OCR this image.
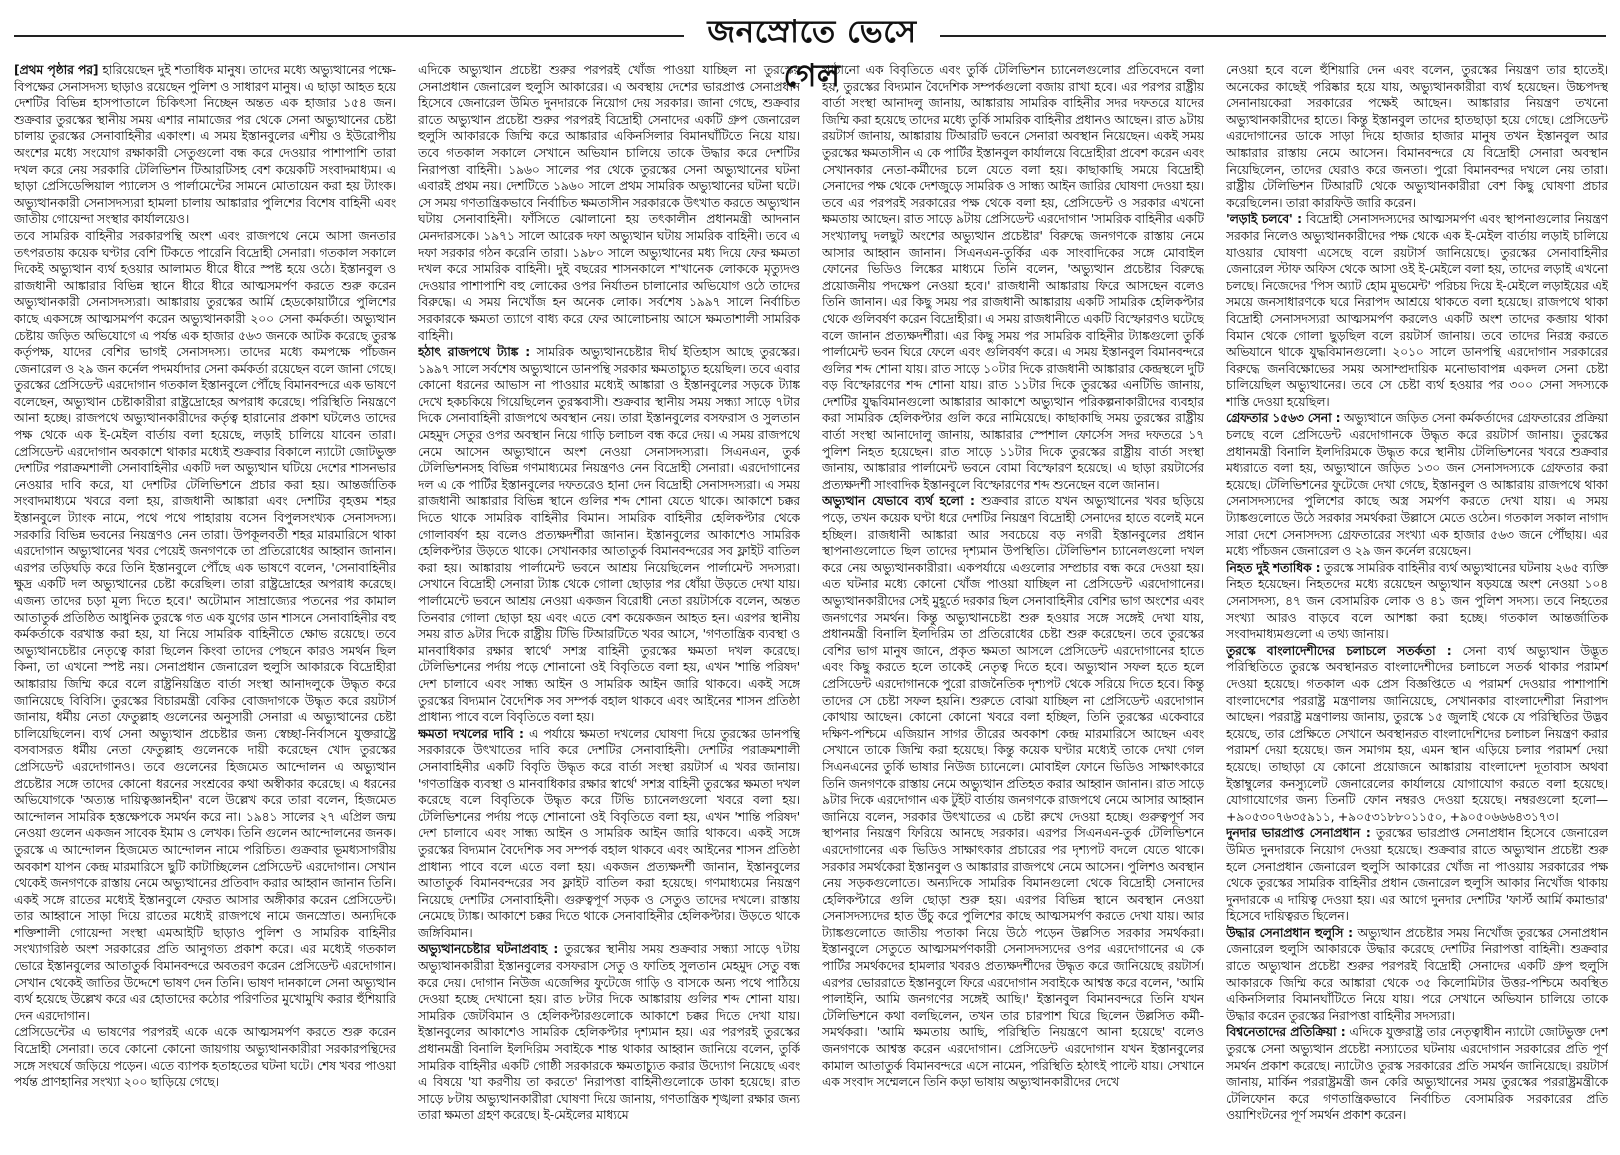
জনস্রোতে ভেসে গেল

[প্রথম পৃষ্ঠার পর] হারিয়েছেন দুই শতাধিক মানুষ। তাদের মধ্যে অভ্যুত্থানের পক্ষে-বিপক্ষের সেনাসদস্য ছাড়াও রয়েছেন পুলিশ ও সাধারণ মানুষ। এ ছাড়া আহত হয়ে দেশটির বিভিন্ন হাসপাতালে চিকিৎসা নিচ্ছেন অন্তত এক হাজার ১৫৪ জন। শুক্রবার তুরস্কের স্থানীয় সময় এশার নামাজের পর থেকে সেনা অভ্যুত্থানের চেষ্টা চালায় তুরস্কের সেনাবাহিনীর একাংশ। এ সময় ইস্তানবুলের এশীয় ও ইউরোপীয় অংশের মধ্যে সংযোগ রক্ষাকারী সেতুগুলো বন্ধ করে দেওয়ার পাশাপাশি তারা দখল করে নেয় সরকারি টেলিভিশন টিআরটিসহ বেশ কয়েকটি সংবাদমাধ্যম। এ ছাড়া প্রেসিডেন্সিয়াল প্যালেস ও পার্লামেন্টের সামনে মোতায়েন করা হয় ট্যাংক। অভ্যুত্থানকারী সেনাসদস্যরা হামলা চালায় আঙ্কারার পুলিশের বিশেষ বাহিনী এবং জাতীয় গোয়েন্দা সংস্থার কার্যালয়েও।

তবে সামরিক বাহিনীর সরকারপন্থি অংশ এবং রাজপথে নেমে আসা জনতার তৎপরতায় কয়েক ঘণ্টার বেশি টিকতে পারেনি বিদ্রোহী সেনারা। গতকাল সকালে দিকেই অভ্যুত্থান ব্যর্থ হওয়ার আলামত ধীরে ধীরে স্পষ্ট হয়ে ওঠে। ইস্তানবুল ও রাজধানী আঙ্কারার বিভিন্ন স্থানে ধীরে ধীরে আত্মসমর্পণ করতে শুরু করেন অভ্যুত্থানকারী সেনাসদস্যরা। আঙ্কারায় তুরস্কের আর্মি হেডকোয়ার্টারে পুলিশের কাছে একসঙ্গে আত্মসমর্পণ করেন অভ্যুত্থানকারী ২০০ সেনা কর্মকর্তা। অভ্যুত্থান চেষ্টায় জড়িত অভিযোগে এ পর্যন্ত এক হাজার ৫৬৩ জনকে আটক করেছে তুরস্ক কর্তৃপক্ষ, যাদের বেশির ভাগই সেনাসদস্য। তাদের মধ্যে কমপক্ষে পাঁচজন জেনারেল ও ২৯ জন কর্নেল পদমর্যাদার সেনা কর্মকর্তা রয়েছেন বলে জানা গেছে। তুরস্কের প্রেসিডেন্ট এরদোগান গতকাল ইস্তানবুলে পৌঁছে বিমানবন্দরে এক ভাষণে বলেছেন, অভ্যুত্থান চেষ্টাকারীরা রাষ্ট্রদ্রোহের অপরাধ করেছে। পরিস্থিতি নিয়ন্ত্রণে আনা হচ্ছে। রাজপথে অভ্যুত্থানকারীদের কর্তৃত্ব হারানোর প্রকাশ ঘটলেও তাদের পক্ষ থেকে এক ই-মেইল বার্তায় বলা হয়েছে, লড়াই চালিয়ে যাবেন তারা। প্রেসিডেন্ট এরদোগান অবকাশে থাকার মধ্যেই শুক্রবার বিকালে ন্যাটো জোটভুক্ত দেশটির পরাক্রমশালী সেনাবাহিনীর একটি দল অভ্যুত্থান ঘটিয়ে দেশের শাসনভার নেওয়ার দাবি করে, যা দেশটির টেলিভিশনে প্রচার করা হয়। আন্তর্জাতিক সংবাদমাধ্যমে খবরে বলা হয়, রাজধানী আঙ্কারা এবং দেশটির বৃহত্তম শহর ইস্তানবুলে ট্যাংক নামে, পথে পথে পাহারায় বসেন বিপুলসংখ্যক সেনাসদস্য। সরকারি বিভিন্ন ভবনের নিয়ন্ত্রণও নেন তারা। উপকূলবর্তী শহর মারমারিসে থাকা এরদোগান অভ্যুত্থানের খবর পেয়েই জনগণকে তা প্রতিরোধের আহ্বান জানান। এরপর তড়িঘড়ি করে তিনি ইস্তানবুলে পৌঁছে এক ভাষণে বলেন, 'সেনাবাহিনীর ক্ষুদ্র একটি দল অভ্যুত্থানের চেষ্টা করেছিল। তারা রাষ্ট্রদ্রোহের অপরাধ করেছে। এজন্য তাদের চড়া মূল্য দিতে হবে।' অটোমান সাম্রাজ্যের পতনের পর কামাল আতাতুর্ক প্রতিষ্ঠিত আধুনিক তুরস্কে গত এক যুগের ডান শাসনে সেনাবাহিনীর বহু কর্মকর্তাকে বরখাস্ত করা হয়, যা নিয়ে সামরিক বাহিনীতে ক্ষোভ রয়েছে। তবে অভ্যুত্থানচেষ্টার নেতৃত্বে কারা ছিলেন কিংবা তাদের পেছনে কারও সমর্থন ছিল কিনা, তা এখনো স্পষ্ট নয়। সেনাপ্রধান জেনারেল হুলুসি আকারকে বিদ্রোহীরা আঙ্কারায় জিম্মি করে বলে রাষ্ট্রনিয়ন্ত্রিত বার্তা সংস্থা আনাদলুকে উদ্ধৃত করে জানিয়েছে বিবিসি। তুরস্কের বিচারমন্ত্রী বেকির বোজদাগকে উদ্ধৃত করে রয়টার্স জানায়, ধর্মীয় নেতা ফেতুল্লাহ গুলেনের অনুসারী সেনারা এ অভ্যুত্থানের চেষ্টা চালিয়েছিলেন। ব্যর্থ সেনা অভ্যুত্থান প্রচেষ্টার জন্য স্বেচ্ছা-নির্বাসনে যুক্তরাষ্ট্রে বসবাসরত ধর্মীয় নেতা ফেতুল্লাহ গুলেনকে দায়ী করেছেন খোদ তুরস্কের প্রেসিডেন্ট এরদোগানও। তবে গুলেনের হিজমেত আন্দোলন এ অভ্যুত্থান প্রচেষ্টার সঙ্গে তাদের কোনো ধরনের সংশ্রবের কথা অস্বীকার করেছে। এ ধরনের অভিযোগকে 'অত্যন্ত দায়িত্বজ্ঞানহীন' বলে উল্লেখ করে তারা বলেন, হিজমেত আন্দোলন সামরিক হস্তক্ষেপকে সমর্থন করে না। ১৯৪১ সালের ২৭ এপ্রিল জন্ম নেওয়া গুলেন একজন সাবেক ইমাম ও লেখক। তিনি গুলেন আন্দোলনের জনক। তুরস্কে এ আন্দোলন হিজমেত আন্দোলন নামে পরিচিত। গুক্রবার ভূমধ্যসাগরীয় অবকাশ যাপন কেন্দ্র মারমারিসে ছুটি কাটাচ্ছিলেন প্রেসিডেন্ট এরদোগান। সেখান থেকেই জনগণকে রাস্তায় নেমে অভ্যুত্থানের প্রতিবাদ করার আহ্বান জানান তিনি। একই সঙ্গে রাতের মধ্যেই ইস্তানবুলে ফেরত আসার অঙ্গীকার করেন প্রেসিডেন্ট। তার আহ্বানে সাড়া দিয়ে রাতের মধ্যেই রাজপথে নামে জনস্রোত। অন্যদিকে শক্তিশালী গোয়েন্দা সংস্থা এমআইটি ছাড়াও পুলিশ ও সামরিক বাহিনীর সংখ্যাগরিষ্ঠ অংশ সরকারের প্রতি আনুগত্য প্রকাশ করে। এর মধ্যেই গতকাল ভোরে ইস্তানবুলের আতাতুর্ক বিমানবন্দরে অবতরণ করেন প্রেসিডেন্ট এরদোগান। সেখান থেকেই জাতির উদ্দেশে ভাষণ দেন তিনি। ভাষণ দানকালে সেনা অভ্যুত্থান ব্যর্থ হয়েছে উল্লেখ করে এর হোতাদের কঠোর পরিণতির মুখোমুখি করার হুঁশিয়ারি দেন এরদোগান।

প্রেসিডেন্টের এ ভাষণের পরপরই একে একে আত্মসমর্পণ করতে শুরু করেন বিদ্রোহী সেনারা। তবে কোনো কোনো জায়গায় অভ্যুত্থানকারীরা সরকারপন্থিদের সঙ্গে সংঘর্ষে জড়িয়ে পড়েন। এতে ব্যাপক হতাহতের ঘটনা ঘটে। শেষ খবর পাওয়া পর্যন্ত প্রাণহানির সংখ্যা ২০০ ছাড়িয়ে গেছে।

এদিকে অভ্যুত্থান প্রচেষ্টা শুরুর পরপরই খোঁজ পাওয়া যাচ্ছিল না তুরস্কের সেনাপ্রধান জেনারেল হুলুসি আকারের। এ অবস্থায় দেশের ভারপ্রাপ্ত সেনাপ্রধান হিসেবে জেনারেল উমিত দুনদারকে নিয়োগ দেয় সরকার। জানা গেছে, শুক্রবার রাতে অভ্যুত্থান প্রচেষ্টা শুরুর পরপরই বিদ্রোহী সেনাদের একটি গ্রুপ জেনারেল হুলুসি আকারকে জিম্মি করে আঙ্কারার একিনসিলার বিমানঘাঁটিতে নিয়ে যায়। তবে গতকাল সকালে সেখানে অভিযান চালিয়ে তাকে উদ্ধার করে দেশটির নিরাপত্তা বাহিনী। ১৯৬০ সালের পর থেকে তুরস্কের সেনা অভ্যুত্থানের ঘটনা এবারই প্রথম নয়। দেশটিতে ১৯৬০ সালে প্রথম সামরিক অভ্যুত্থানের ঘটনা ঘটে। সে সময় গণতান্ত্রিকভাবে নির্বাচিত ক্ষমতাসীন সরকারকে উৎখাত করতে অভ্যুত্থান ঘটায় সেনাবাহিনী। ফাঁসিতে ঝোলানো হয় তৎকালীন প্রধানমন্ত্রী আদনান মেনদারসকে। ১৯৭১ সালে আরেক দফা অভ্যুত্থান ঘটায় সামরিক বাহিনী। তবে এ দফা সরকার গঠন করেনি তারা। ১৯৮০ সালে অভ্যুত্থানের মধ্য দিয়ে ফের ক্ষমতা দখল করে সামরিক বাহিনী। দুই বছরের শাসনকালে শ'খানেক লোককে মৃত্যুদণ্ড দেওয়ার পাশাপাশি বহু লোকের ওপর নির্যাতন চালানোর অভিযোগ ওঠে তাদের বিরুদ্ধে। এ সময় নিখোঁজ হন অনেক লোক। সর্বশেষ ১৯৯৭ সালে নির্বাচিত সরকারকে ক্ষমতা ত্যাগে বাধ্য করে ফের আলোচনায় আসে ক্ষমতাশালী সামরিক বাহিনী।

হঠাৎ রাজপথে ট্যাঙ্ক : সামরিক অভ্যুত্থানচেষ্টার দীর্ঘ ইতিহাস আছে তুরস্কের। ১৯৯৭ সালে সর্বশেষ অভ্যুত্থানে ডানপন্থি সরকার ক্ষমতাচ্যুত হয়েছিল। তবে এবার কোনো ধরনের আভাস না পাওয়ার মধ্যেই আঙ্কারা ও ইস্তানবুলের সড়কে ট্যাঙ্ক দেখে হকচকিয়ে গিয়েছিলেন তুরস্কবাসী। শুক্রবার স্থানীয় সময় সন্ধ্যা সাড়ে ৭টার দিকে সেনাবাহিনী রাজপথে অবস্থান নেয়। তারা ইস্তানবুলের বসফরাস ও সুলতান মেহমুদ সেতুর ওপর অবস্থান নিয়ে গাড়ি চলাচল বন্ধ করে দেয়। এ সময় রাজপথে নেমে আসেন অভ্যুত্থানে অংশ নেওয়া সেনাসদস্যরা। সিএনএন, তুর্ক টেলিভিশনসহ বিভিন্ন গণমাধ্যমের নিয়ন্ত্রণও নেন বিদ্রোহী সেনারা। এরদোগানের দল এ কে পার্টির ইস্তানবুলের দফতরেও হানা দেন বিদ্রোহী সেনাসদস্যরা। এ সময় রাজধানী আঙ্কারার বিভিন্ন স্থানে গুলির শব্দ শোনা যেতে থাকে। আকাশে চক্কর দিতে থাকে সামরিক বাহিনীর বিমান। সামরিক বাহিনীর হেলিকপ্টার থেকে গোলাবর্ষণ হয় বলেও প্রত্যক্ষদর্শীরা জানান। ইস্তানবুলের আকাশেও সামরিক হেলিকপ্টার উড়তে থাকে। সেখানকার আতাতুর্ক বিমানবন্দরের সব ফ্লাইট বাতিল করা হয়। আঙ্কারায় পার্লামেন্ট ভবনে আশ্রয় নিয়েছিলেন পার্লামেন্ট সদস্যরা। সেখানে বিদ্রোহী সেনারা ট্যাঙ্ক থেকে গোলা ছোড়ার পর ধোঁয়া উড়তে দেখা যায়। পার্লামেন্টে ভবনে আশ্রয় নেওয়া একজন বিরোধী নেতা রয়টার্সকে বলেন, অন্তত তিনবার গোলা ছোড়া হয় এবং এতে বেশ কয়েকজন আহত হন। এরপর স্থানীয় সময় রাত ৯টার দিকে রাষ্ট্রীয় টিভি টিআরটিতে খবর আসে, 'গণতান্ত্রিক ব্যবস্থা ও মানবাধিকার রক্ষার স্বার্থে' সশস্ত্র বাহিনী তুরস্কের ক্ষমতা দখল করেছে। টেলিভিশনের পর্দায় পড়ে শোনানো ওই বিবৃতিতে বলা হয়, এখন 'শান্তি পরিষদ' দেশ চালাবে এবং সান্ধ্য আইন ও সামরিক আইন জারি থাকবে। একই সঙ্গে তুরস্কের বিদ্যমান বৈদেশিক সব সম্পর্ক বহাল থাকবে এবং আইনের শাসন প্রতিষ্ঠা প্রাধান্য পাবে বলে বিবৃতিতে বলা হয়।

ক্ষমতা দখলের দাবি : এ পর্যায়ে ক্ষমতা দখলের ঘোষণা দিয়ে তুরস্কের ডানপন্থি সরকারকে উৎখাতের দাবি করে দেশটির সেনাবাহিনী। দেশটির পরাক্রমশালী সেনাবাহিনীর একটি বিবৃতি উদ্ধৃত করে বার্তা সংস্থা রয়টার্স এ খবর জানায়। 'গণতান্ত্রিক ব্যবস্থা ও মানবাধিকার রক্ষার স্বার্থে' সশস্ত্র বাহিনী তুরস্কের ক্ষমতা দখল করেছে বলে বিবৃতিকে উদ্ধৃত করে টিভি চ্যানেলগুলো খবরে বলা হয়। টেলিভিশনের পর্দায় পড়ে শোনানো ওই বিবৃতিতে বলা হয়, এখন 'শান্তি পরিষদ' দেশ চালাবে এবং সান্ধ্য আইন ও সামরিক আইন জারি থাকবে। একই সঙ্গে তুরস্কের বিদ্যমান বৈদেশিক সব সম্পর্ক বহাল থাকবে এবং আইনের শাসন প্রতিষ্ঠা প্রাধান্য পাবে বলে এতে বলা হয়। একজন প্রত্যক্ষদর্শী জানান, ইস্তানবুলের আতাতুর্ক বিমানবন্দরের সব ফ্লাইট বাতিল করা হয়েছে। গণমাধ্যমের নিয়ন্ত্রণ নিয়েছে দেশটির সেনাবাহিনী। গুরুত্বপূর্ণ সড়ক ও সেতুও তাদের দখলে। রাস্তায় নেমেছে ট্যাঙ্ক। আকাশে চক্কর দিতে থাকে সেনাবাহিনীর হেলিকপ্টার। উড়তে থাকে জঙ্গিবিমান।

অভ্যুত্থানচেষ্টার ঘটনাপ্রবাহ : তুরস্কের স্থানীয় সময় শুক্রবার সন্ধ্যা সাড়ে ৭টায় অভ্যুত্থানকারীরা ইস্তানবুলের বসফরাস সেতু ও ফাতিহ সুলতান মেহমুদ সেতু বন্ধ করে দেয়। দোগান নিউজ এজেন্সির ফুটেজে গাড়ি ও বাসকে অন্য পথে পাঠিয়ে দেওয়া হচ্ছে দেখানো হয়। রাত ৮টার দিকে আঙ্কারায় গুলির শব্দ শোনা যায়। সামরিক জেটবিমান ও হেলিকপ্টারগুলোকে আকাশে চক্কর দিতে দেখা যায়। ইস্তানবুলের আকাশেও সামরিক হেলিকপ্টার দৃশ্যমান হয়। এর পরপরই তুরস্কের প্রধানমন্ত্রী বিনালি ইলদিরিম সবাইকে শান্ত থাকার আহ্বান জানিয়ে বলেন, তুর্কি সামরিক বাহিনীর একটি গোষ্ঠী সরকারকে ক্ষমতাচ্যুত করার উদ্যোগ নিয়েছে এবং এ বিষয়ে 'যা করণীয় তা করতে' নিরাপত্তা বাহিনীগুলোকে ডাকা হয়েছে। রাত সাড়ে ৮টায় অভ্যুত্থানকারীরা ঘোষণা দিয়ে জানায়, গণতান্ত্রিক শৃঙ্খলা রক্ষার জন্য তারা ক্ষমতা গ্রহণ করেছে। ই-মেইলের মাধ্যমে

পাঠানো এক বিবৃতিতে এবং তুর্কি টেলিভিশন চ্যানেলগুলোর প্রতিবেদনে বলা হয়, তুরস্কের বিদ্যমান বৈদেশিক সম্পর্কগুলো বজায় রাখা হবে। এর পরপর রাষ্ট্রীয় বার্তা সংস্থা আনাদলু জানায়, আঙ্কারায় সামরিক বাহিনীর সদর দফতরে যাদের জিম্মি করা হয়েছে তাদের মধ্যে তুর্কি সামরিক বাহিনীর প্রধানও আছেন। রাত ৯টায় রয়টার্স জানায়, আঙ্কারায় টিআরটি ভবনে সেনারা অবস্থান নিয়েছেন। একই সময় তুরস্কের ক্ষমতাসীন এ কে পার্টির ইস্তানবুল কার্যালয়ে বিদ্রোহীরা প্রবেশ করেন এবং সেখানকার নেতা-কর্মীদের চলে যেতে বলা হয়। কাছাকাছি সময়ে বিদ্রোহী সেনাদের পক্ষ থেকে দেশজুড়ে সামরিক ও সান্ধ্য আইন জারির ঘোষণা দেওয়া হয়। তবে এর পরপরই সরকারের পক্ষ থেকে বলা হয়, প্রেসিডেন্ট ও সরকার এখনো ক্ষমতায় আছেন। রাত সাড়ে ৯টায় প্রেসিডেন্ট এরদোগান 'সামরিক বাহিনীর একটি সংখ্যালঘু দলছুট অংশের অভ্যুত্থান প্রচেষ্টার' বিরুদ্ধে জনগণকে রাস্তায় নেমে আসার আহ্বান জানান। সিএনএন-তুর্কির এক সাংবাদিকের সঙ্গে মোবাইল ফোনের ভিডিও লিঙ্কের মাধ্যমে তিনি বলেন, 'অভ্যুত্থান প্রচেষ্টার বিরুদ্ধে প্রয়োজনীয় পদক্ষেপ নেওয়া হবে।' রাজধানী আঙ্কারায় ফিরে আসছেন বলেও তিনি জানান। এর কিছু সময় পর রাজধানী আঙ্কারায় একটি সামরিক হেলিকপ্টার থেকে গুলিবর্ষণ করেন বিদ্রোহীরা। এ সময় রাজধানীতে একটি বিস্ফোরণও ঘটেছে বলে জানান প্রত্যক্ষদর্শীরা। এর কিছু সময় পর সামরিক বাহিনীর ট্যাঙ্কগুলো তুর্কি পার্লামেন্ট ভবন ঘিরে ফেলে এবং গুলিবর্ষণ করে। এ সময় ইস্তানবুল বিমানবন্দরে গুলির শব্দ শোনা যায়। রাত সাড়ে ১০টার দিকে রাজধানী আঙ্কারার কেন্দ্রস্থলে দুটি বড় বিস্ফোরণের শব্দ শোনা যায়। রাত ১১টার দিকে তুরস্কের এনটিভি জানায়, দেশটির যুদ্ধবিমানগুলো আঙ্কারার আকাশে অভ্যুত্থান পরিকল্পনাকারীদের ব্যবহার করা সামরিক হেলিকপ্টার গুলি করে নামিয়েছে। কাছাকাছি সময় তুরস্কের রাষ্ট্রীয় বার্তা সংস্থা আনাদোলু জানায়, আঙ্কারার স্পেশাল ফোর্সেস সদর দফতরে ১৭ পুলিশ নিহত হয়েছেন। রাত সাড়ে ১১টার দিকে তুরস্কের রাষ্ট্রীয় বার্তা সংস্থা জানায়, আঙ্কারার পার্লামেন্ট ভবনে বোমা বিস্ফোরণ হয়েছে। এ ছাড়া রয়টার্সের প্রত্যক্ষদর্শী সাংবাদিক ইস্তানবুলে বিস্ফোরণের শব্দ শুনেছেন বলে জানান।

অভ্যুত্থান যেভাবে ব্যর্থ হলো : শুক্রবার রাতে যখন অভ্যুত্থানের খবর ছড়িয়ে পড়ে, তখন কয়েক ঘণ্টা ধরে দেশটির নিয়ন্ত্রণ বিদ্রোহী সেনাদের হাতে বলেই মনে হচ্ছিল। রাজধানী আঙ্কারা আর সবচেয়ে বড় নগরী ইস্তানবুলের প্রধান স্থাপনাগুলোতে ছিল তাদের দৃশ্যমান উপস্থিতি। টেলিভিশন চ্যানেলগুলো দখল করে নেয় অভ্যুত্থানকারীরা। একপর্যায়ে এগুলোর সম্প্রচার বন্ধ করে দেওয়া হয়। এত ঘটনার মধ্যে কোনো খোঁজ পাওয়া যাচ্ছিল না প্রেসিডেন্ট এরদোগানের। অভ্যুত্থানকারীদের সেই মুহূর্তে দরকার ছিল সেনাবাহিনীর বেশির ভাগ অংশের এবং জনগণের সমর্থন। কিন্তু অভ্যুত্থানচেষ্টা শুরু হওয়ার সঙ্গে সঙ্গেই দেখা যায়, প্রধানমন্ত্রী বিনালি ইলদিরিম তা প্রতিরোধের চেষ্টা শুরু করেছেন। তবে তুরস্কের বেশির ভাগ মানুষ জানে, প্রকৃত ক্ষমতা আসলে প্রেসিডেন্ট এরদোগানের হাতে এবং কিছু করতে হলে তাকেই নেতৃত্ব দিতে হবে। অভ্যুত্থান সফল হতে হলে প্রেসিডেন্ট এরদোগানকে পুরো রাজনৈতিক দৃশ্যপট থেকে সরিয়ে দিতে হবে। কিন্তু তাদের সে চেষ্টা সফল হয়নি। শুরুতে বোঝা যাচ্ছিল না প্রেসিডেন্ট এরদোগান কোথায় আছেন। কোনো কোনো খবরে বলা হচ্ছিল, তিনি তুরস্কের একেবারে দক্ষিণ-পশ্চিমে এজিয়ান সাগর তীরের অবকাশ কেন্দ্র মারমারিসে আছেন এবং সেখানে তাকে জিম্মি করা হয়েছে। কিন্তু কয়েক ঘণ্টার মধ্যেই তাকে দেখা গেল সিএনএনের তুর্কি ভাষার নিউজ চ্যানেলে। মোবাইল ফোনে ভিডিও সাক্ষাৎকারে তিনি জনগণকে রাস্তায় নেমে অভ্যুত্থান প্রতিহত করার আহ্বান জানান। রাত সাড়ে ৯টার দিকে এরদোগান এক টুইট বার্তায় জনগণকে রাজপথে নেমে আসার আহ্বান জানিয়ে বলেন, সরকার উৎখাতের এ চেষ্টা রুখে দেওয়া হচ্ছে। গুরুত্বপূর্ণ সব স্থাপনার নিয়ন্ত্রণ ফিরিয়ে আনছে সরকার। এরপর সিএনএন-তুর্ক টেলিভিশনে এরদোগানের এক ভিডিও সাক্ষাৎকার প্রচারের পর দৃশ্যপট বদলে যেতে থাকে। সরকার সমর্থকেরা ইস্তানবুল ও আঙ্কারার রাজপথে নেমে আসেন। পুলিশও অবস্থান নেয় সড়কগুলোতে। অন্যদিকে সামরিক বিমানগুলো থেকে বিদ্রোহী সেনাদের হেলিকপ্টারে গুলি ছোড়া শুরু হয়। এরপর বিভিন্ন স্থানে অবস্থান নেওয়া সেনাসদস্যদের হাত উঁচু করে পুলিশের কাছে আত্মসমর্পণ করতে দেখা যায়। আর ট্যাঙ্কগুলোতে জাতীয় পতাকা নিয়ে উঠে পড়েন উল্লসিত সরকার সমর্থকরা। ইস্তানবুলে সেতুতে আত্মসমর্পণকারী সেনাসদস্যদের ওপর এরদোগানের এ কে পার্টির সমর্থকদের হামলার খবরও প্রত্যক্ষদর্শীদের উদ্ধৃত করে জানিয়েছে রয়টার্স। এরপর ভোররাতে ইস্তানবুলে ফিরে এরদোগান সবাইকে আশ্বস্ত করে বলেন, 'আমি পালাইনি, আমি জনগণের সঙ্গেই আছি।' ইস্তানবুল বিমানবন্দরে তিনি যখন টেলিভিশনে কথা বলছিলেন, তখন তার চারপাশ ঘিরে ছিলেন উল্লসিত কর্মী-সমর্থকরা। 'আমি ক্ষমতায় আছি, পরিস্থিতি নিয়ন্ত্রণে আনা হয়েছে' বলেও জনগণকে আশ্বস্ত করেন এরদোগান। প্রেসিডেন্ট এরদোগান যখন ইস্তানবুলের কামাল আতাতুর্ক বিমানবন্দরে এসে নামেন, পরিস্থিতি হঠাৎই পাল্টে যায়। সেখানে এক সংবাদ সম্মেলনে তিনি কড়া ভাষায় অভ্যুত্থানকারীদের দেখে

নেওয়া হবে বলে হুঁশিয়ারি দেন এবং বলেন, তুরস্কের নিয়ন্ত্রণ তার হাতেই। অনেকের কাছেই পরিষ্কার হয়ে যায়, অভ্যুত্থানকারীরা ব্যর্থ হয়েছেন। উচ্চপদস্থ সেনানায়কেরা সরকারের পক্ষেই আছেন। আঙ্কারার নিয়ন্ত্রণ তখনো অভ্যুত্থানকারীদের হাতে। কিন্তু ইস্তানবুল তাদের হাতছাড়া হয়ে গেছে। প্রেসিডেন্ট এরদোগানের ডাকে সাড়া দিয়ে হাজার হাজার মানুষ তখন ইস্তানবুল আর আঙ্কারার রাস্তায় নেমে আসেন। বিমানবন্দরে যে বিদ্রোহী সেনারা অবস্থান নিয়েছিলেন, তাদের ঘেরাও করে জনতা। পুরো বিমানবন্দর দখলে নেয় তারা। রাষ্ট্রীয় টেলিভিশন টিআরটি থেকে অভ্যুত্থানকারীরা বেশ কিছু ঘোষণা প্রচার করেছিলেন। তারা কারফিউ জারি করেন।

'লড়াই চলবে' : বিদ্রোহী সেনাসদস্যদের আত্মসমর্পণ এবং স্থাপনাগুলোর নিয়ন্ত্রণ সরকার নিলেও অভ্যুত্থানকারীদের পক্ষ থেকে এক ই-মেইল বার্তায় লড়াই চালিয়ে যাওয়ার ঘোষণা এসেছে বলে রয়টার্স জানিয়েছে। তুরস্কের সেনাবাহিনীর জেনারেল স্টাফ অফিস থেকে আসা ওই ই-মেইলে বলা হয়, তাদের লড়াই এখনো চলছে। নিজেদের 'পিস অ্যাট হোম মুভমেন্ট' পরিচয় দিয়ে ই-মেইলে লড়াইয়ের এই সময়ে জনসাধারণকে ঘরে নিরাপদ আশ্রয়ে থাকতে বলা হয়েছে। রাজপথে থাকা বিদ্রোহী সেনাসদস্যরা আত্মসমর্পণ করলেও একটি অংশ তাদের কব্জায় থাকা বিমান থেকে গোলা ছুড়ছিল বলে রয়টার্স জানায়। তবে তাদের নিরস্ত্র করতে অভিযানে থাকে যুদ্ধবিমানগুলো। ২০১০ সালে ডানপন্থি এরদোগান সরকারের বিরুদ্ধে জনবিক্ষোভের সময় অসাম্প্রদায়িক মনোভাবাপন্ন একদল সেনা চেষ্টা চালিয়েছিল অভ্যুত্থানের। তবে সে চেষ্টা ব্যর্থ হওয়ার পর ৩০০ সেনা সদস্যকে শাস্তি দেওয়া হয়েছিল।

গ্রেফতার ১৫৬৩ সেনা : অভ্যুত্থানে জড়িত সেনা কর্মকর্তাদের গ্রেফতারের প্রক্রিয়া চলছে বলে প্রেসিডেন্ট এরদোগানকে উদ্ধৃত করে রয়টার্স জানায়। তুরস্কের প্রধানমন্ত্রী বিনালি ইলদিরিমকে উদ্ধৃত করে স্থানীয় টেলিভিশনের খবরে শুক্রবার মধ্যরাতে বলা হয়, অভ্যুত্থানে জড়িত ১৩০ জন সেনাসদস্যকে গ্রেফতার করা হয়েছে। টেলিভিশনের ফুটেজে দেখা গেছে, ইস্তানবুল ও আঙ্কারায় রাজপথে থাকা সেনাসদস্যদের পুলিশের কাছে অস্ত্র সমর্পণ করতে দেখা যায়। এ সময় ট্যাঙ্কগুলোতে উঠে সরকার সমর্থকরা উল্লাসে মেতে ওঠেন। গতকাল সকাল নাগাদ সারা দেশে সেনাসদস্য গ্রেফতারের সংখ্যা এক হাজার ৫৬৩ জনে পৌঁছায়। এর মধ্যে পাঁচজন জেনারেল ও ২৯ জন কর্নেল রয়েছেন।

নিহত দুই শতাধিক : তুরস্কে সামরিক বাহিনীর ব্যর্থ অভ্যুত্থানের ঘটনায় ২৬৫ ব্যক্তি নিহত হয়েছেন। নিহতদের মধ্যে রয়েছেন অভ্যুত্থান ষড়যন্ত্রে অংশ নেওয়া ১০৪ সেনাসদস্য, ৪৭ জন বেসামরিক লোক ও ৪১ জন পুলিশ সদস্য। তবে নিহতের সংখ্যা আরও বাড়বে বলে আশঙ্কা করা হচ্ছে। গতকাল আন্তর্জাতিক সংবাদমাধ্যমগুলো এ তথ্য জানায়।

তুরস্কে বাংলাদেশীদের চলাচলে সতর্কতা : সেনা ব্যর্থ অভ্যুত্থান উদ্ভূত পরিস্থিতিতে তুরস্কে অবস্থানরত বাংলাদেশীদের চলাচলে সতর্ক থাকার পরামর্শ দেওয়া হয়েছে। গতকাল এক প্রেস বিজ্ঞপ্তিতে এ পরামর্শ দেওয়ার পাশাপাশি বাংলাদেশের পররাষ্ট্র মন্ত্রণালয় জানিয়েছে, সেখানকার বাংলাদেশীরা নিরাপদ আছেন। পররাষ্ট্র মন্ত্রণালয় জানায়, তুরস্কে ১৫ জুলাই থেকে যে পরিস্থিতির উদ্ভব হয়েছে, তার প্রেক্ষিতে সেখানে অবস্থানরত বাংলাদেশিদের চলাচল নিয়ন্ত্রণ করার পরামর্শ দেয়া হয়েছে। জন সমাগম হয়, এমন স্থান এড়িয়ে চলার পরামর্শ দেয়া হয়েছে। তাছাড়া যে কোনো প্রয়োজনে আঙ্কারায় বাংলাদেশ দূতাবাস অথবা ইস্তাম্বুলের কনস্যুলেট জেনারেলের কার্যালয়ে যোগাযোগ করতে বলা হয়েছে। যোগাযোগের জন্য তিনটি ফোন নম্বরও দেওয়া হয়েছে। নম্বরগুলো হলো— +৯০৫৩০৭৬৩৫৯১১, +৯০৫৩১৮৮০১১৫০, +৯০৫০৬৬৬৪৩১৭৩।

দুনদার ভারপ্রাপ্ত সেনাপ্রধান : তুরস্কের ভারপ্রাপ্ত সেনাপ্রধান হিসেবে জেনারেল উমিত দুনদারকে নিয়োগ দেওয়া হয়েছে। শুক্রবার রাতে অভ্যুত্থান প্রচেষ্টা শুরু হলে সেনাপ্রধান জেনারেল হুলুসি আকারের খোঁজ না পাওয়ায় সরকারের পক্ষ থেকে তুরস্কের সামরিক বাহিনীর প্রধান জেনারেল হুলুসি আকার নিখোঁজ থাকায় দুনদারকে এ দায়িত্ব দেওয়া হয়। এর আগে দুনদার দেশটির 'ফার্স্ট আর্মি কমান্ডার' হিসেবে দায়িত্বরত ছিলেন।

উদ্ধার সেনাপ্রধান হুলুসি : অভ্যুত্থান প্রচেষ্টার সময় নিখোঁজ তুরস্কের সেনাপ্রধান জেনারেল হুলুসি আকারকে উদ্ধার করেছে দেশটির নিরাপত্তা বাহিনী। শুক্রবার রাতে অভ্যুত্থান প্রচেষ্টা শুরুর পরপরই বিদ্রোহী সেনাদের একটি গ্রুপ হুলুসি আকারকে জিম্মি করে আঙ্কারা থেকে ৩৫ কিলোমিটার উত্তর-পশ্চিমে অবস্থিত একিনসিলার বিমানঘাঁটিতে নিয়ে যায়। পরে সেখানে অভিযান চালিয়ে তাকে উদ্ধার করেন তুরস্কের নিরাপত্তা বাহিনীর সদস্যরা।

বিশ্বনেতাদের প্রতিক্রিয়া : এদিকে যুক্তরাষ্ট্র তার নেতৃত্বাধীন ন্যাটো জোটভুক্ত দেশ তুরস্কে সেনা অভ্যুত্থান প্রচেষ্টা নস্যাতের ঘটনায় এরদোগান সরকারের প্রতি পূর্ণ সমর্থন প্রকাশ করেছে। ন্যাটোও তুরস্ক সরকারের প্রতি সমর্থন জানিয়েছে। রয়টার্স জানায়, মার্কিন পররাষ্ট্রমন্ত্রী জন কেরি অভ্যুত্থানের সময় তুরস্কের পররাষ্ট্রমন্ত্রীকে টেলিফোন করে গণতান্ত্রিকভাবে নির্বাচিত বেসামরিক সরকারের প্রতি ওয়াশিংটনের পূর্ণ সমর্থন প্রকাশ করেন।
